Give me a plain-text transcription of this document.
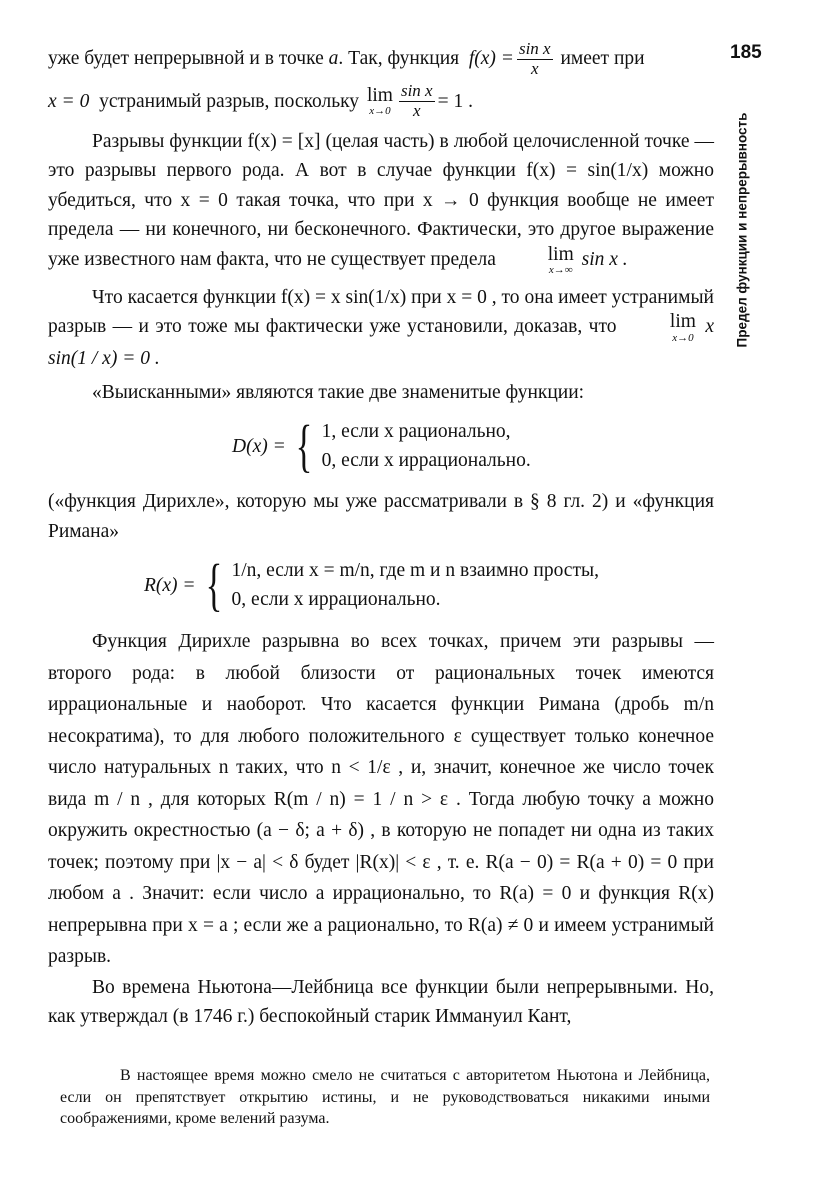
185
Предел функции и непрерывность

уже будет непрерывной и в точке
a . Так, функция
$f(x) = \frac{\text{sin x}}{x}$
имеет при

x = 0
устранимый разрыв, поскольку
lim
$x\to 0 \frac{\text{sin x}}{x} = 1$ .

Разрывы функции f(x) = [x] (целая часть) в любой целочисленной точке — это разрывы первого рода. А вот в случае функции f(x) = sin(1/x) можно убедиться, что x = 0 такая точка, что при x → 0 функция вообще не имеет предела — ни конечного, ни бесконечного. Фактически, это другое выражение уже известного нам факта, что не существует предела	lim
x→∞
sin x .

Что касается функции f(x) = x sin(1/x) при x = 0 , то она имеет устранимый разрыв — и это тоже мы фактически уже установили, доказав, что	lim
x→0
x sin(1 / x) = 0 .

«Выисканными» являются такие две знаменитые функции:

D(x) = { 1, если x рационально,
0, если x иррационально.

(«функция Дирихле», которую мы уже рассматривали в § 8 гл. 2) и «функция Римана»

R(x) = { 1/n, если x = m/n, где m и n взаимно просты,
0, если x иррационально.

Функция Дирихле разрывна во всех точках, причем эти разрывы — второго рода: в любой близости от рациональных точек имеются иррациональные и наоборот. Что касается функции Римана (дробь m/n несократима), то для любого положительного ε существует только конечное число натуральных n таких, что n < 1/ε , и, значит, конечное же число точек вида m / n , для которых R(m / n) = 1 / n > ε . Тогда любую точку a можно окружить окрестностью (a − δ; a + δ) , в которую не попадет ни одна из таких точек; поэтому при |x − a| < δ будет |R(x)| < ε , т. е. R(a − 0) = R(a + 0) = 0 при любом a . Значит: если число a иррационально, то R(a) = 0 и функция R(x) непрерывна при x = a ; если же a рационально, то R(a) ≠ 0 и имеем устранимый разрыв.

Во времена Ньютона—Лейбница все функции были непрерывными. Но, как утверждал (в 1746 г.) беспокойный старик Иммануил Кант,

В настоящее время можно смело не считаться с авторитетом Ньютона и Лейбница, если он препятствует открытию истины, и не руководствоваться никакими иными соображениями, кроме велений разума.
